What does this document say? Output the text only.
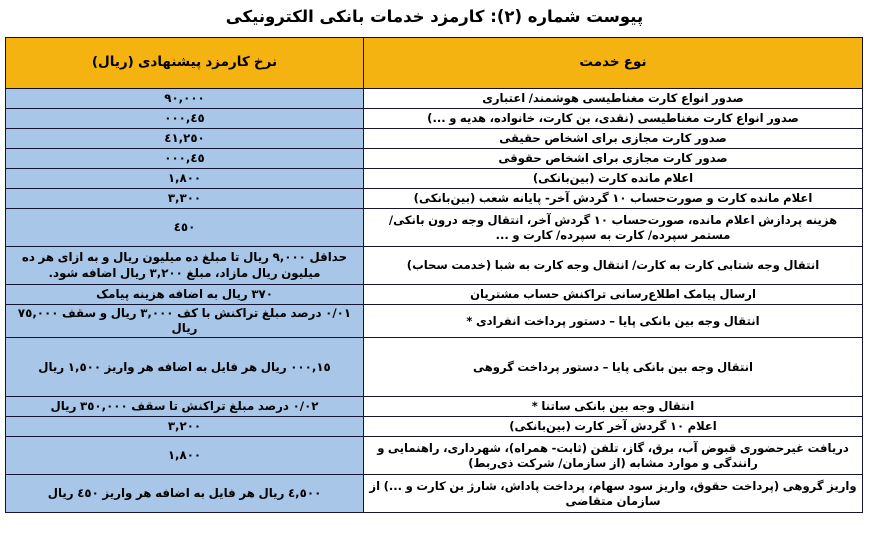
پیوست شماره (۲): کارمزد خدمات بانکی الکترونیکی
نوع خدمت	نرخ کارمزد پیشنهادی (ریال)
صدور انواع کارت مغناطیسی هوشمند/ اعتباری	۹۰,۰۰۰
صدور انواع کارت مغناطیسی (نقدی، بن کارت، خانواده، هدیه و ...)	٤٥,۰۰۰
صدور کارت مجازی برای اشخاص حقیقی	٤۱,۲٥۰
صدور کارت مجازی برای اشخاص حقوقی	٤٥,۰۰۰
اعلام مانده کارت (بین‌بانکی)	۱,۸۰۰
اعلام مانده کارت و صورت‌حساب ۱۰ گردش آخر- پایانه شعب (بین‌بانکی)	۳,۳۰۰
هزینه پردازش اعلام مانده، صورت‌حساب ۱۰ گردش آخر، انتقال وجه درون بانکی/ مستمر سپرده/ کارت به سپرده/ کارت و ...	٤٥۰
انتقال وجه شتابی کارت به کارت/ انتقال وجه کارت به شبا (خدمت سحاب)	حداقل ۹,۰۰۰ ریال تا مبلغ ده میلیون ریال و به ازای هر ده میلیون ریال مازاد، مبلغ ۳,۲۰۰ ریال اضافه شود.
ارسال پیامک اطلاع‌رسانی تراکنش حساب مشتریان	۳۷۰ ریال به اضافه هزینه پیامک
انتقال وجه بین بانکی پایا – دستور پرداخت انفرادی *	۰/۰۱ درصد مبلغ تراکنش با کف ۳,۰۰۰ ریال و سقف ۷٥,۰۰۰ ریال
انتقال وجه بین بانکی پایا – دستور پرداخت گروهی	۱٥,۰۰۰ ریال هر فایل به اضافه هر واریز ۱,٥۰۰ ریال
انتقال وجه بین بانکی ساتنا *	۰/۰۲ درصد مبلغ تراکنش تا سقف ۳٥۰,۰۰۰ ریال
اعلام ۱۰ گردش آخر کارت (بین‌بانکی)	۳,۲۰۰
دریافت غیرحضوری قبوض آب، برق، گاز، تلفن (ثابت- همراه)، شهرداری، راهنمایی و رانندگی و موارد مشابه (از سازمان/ شرکت ذی‌ربط)	۱,۸۰۰
واریز گروهی (پرداخت حقوق، واریز سود سهام، پرداخت پاداش، شارژ بن کارت و ...) از سازمان متقاضی	٤,٥۰۰ ریال هر فایل به اضافه هر واریز ٤٥۰ ریال
